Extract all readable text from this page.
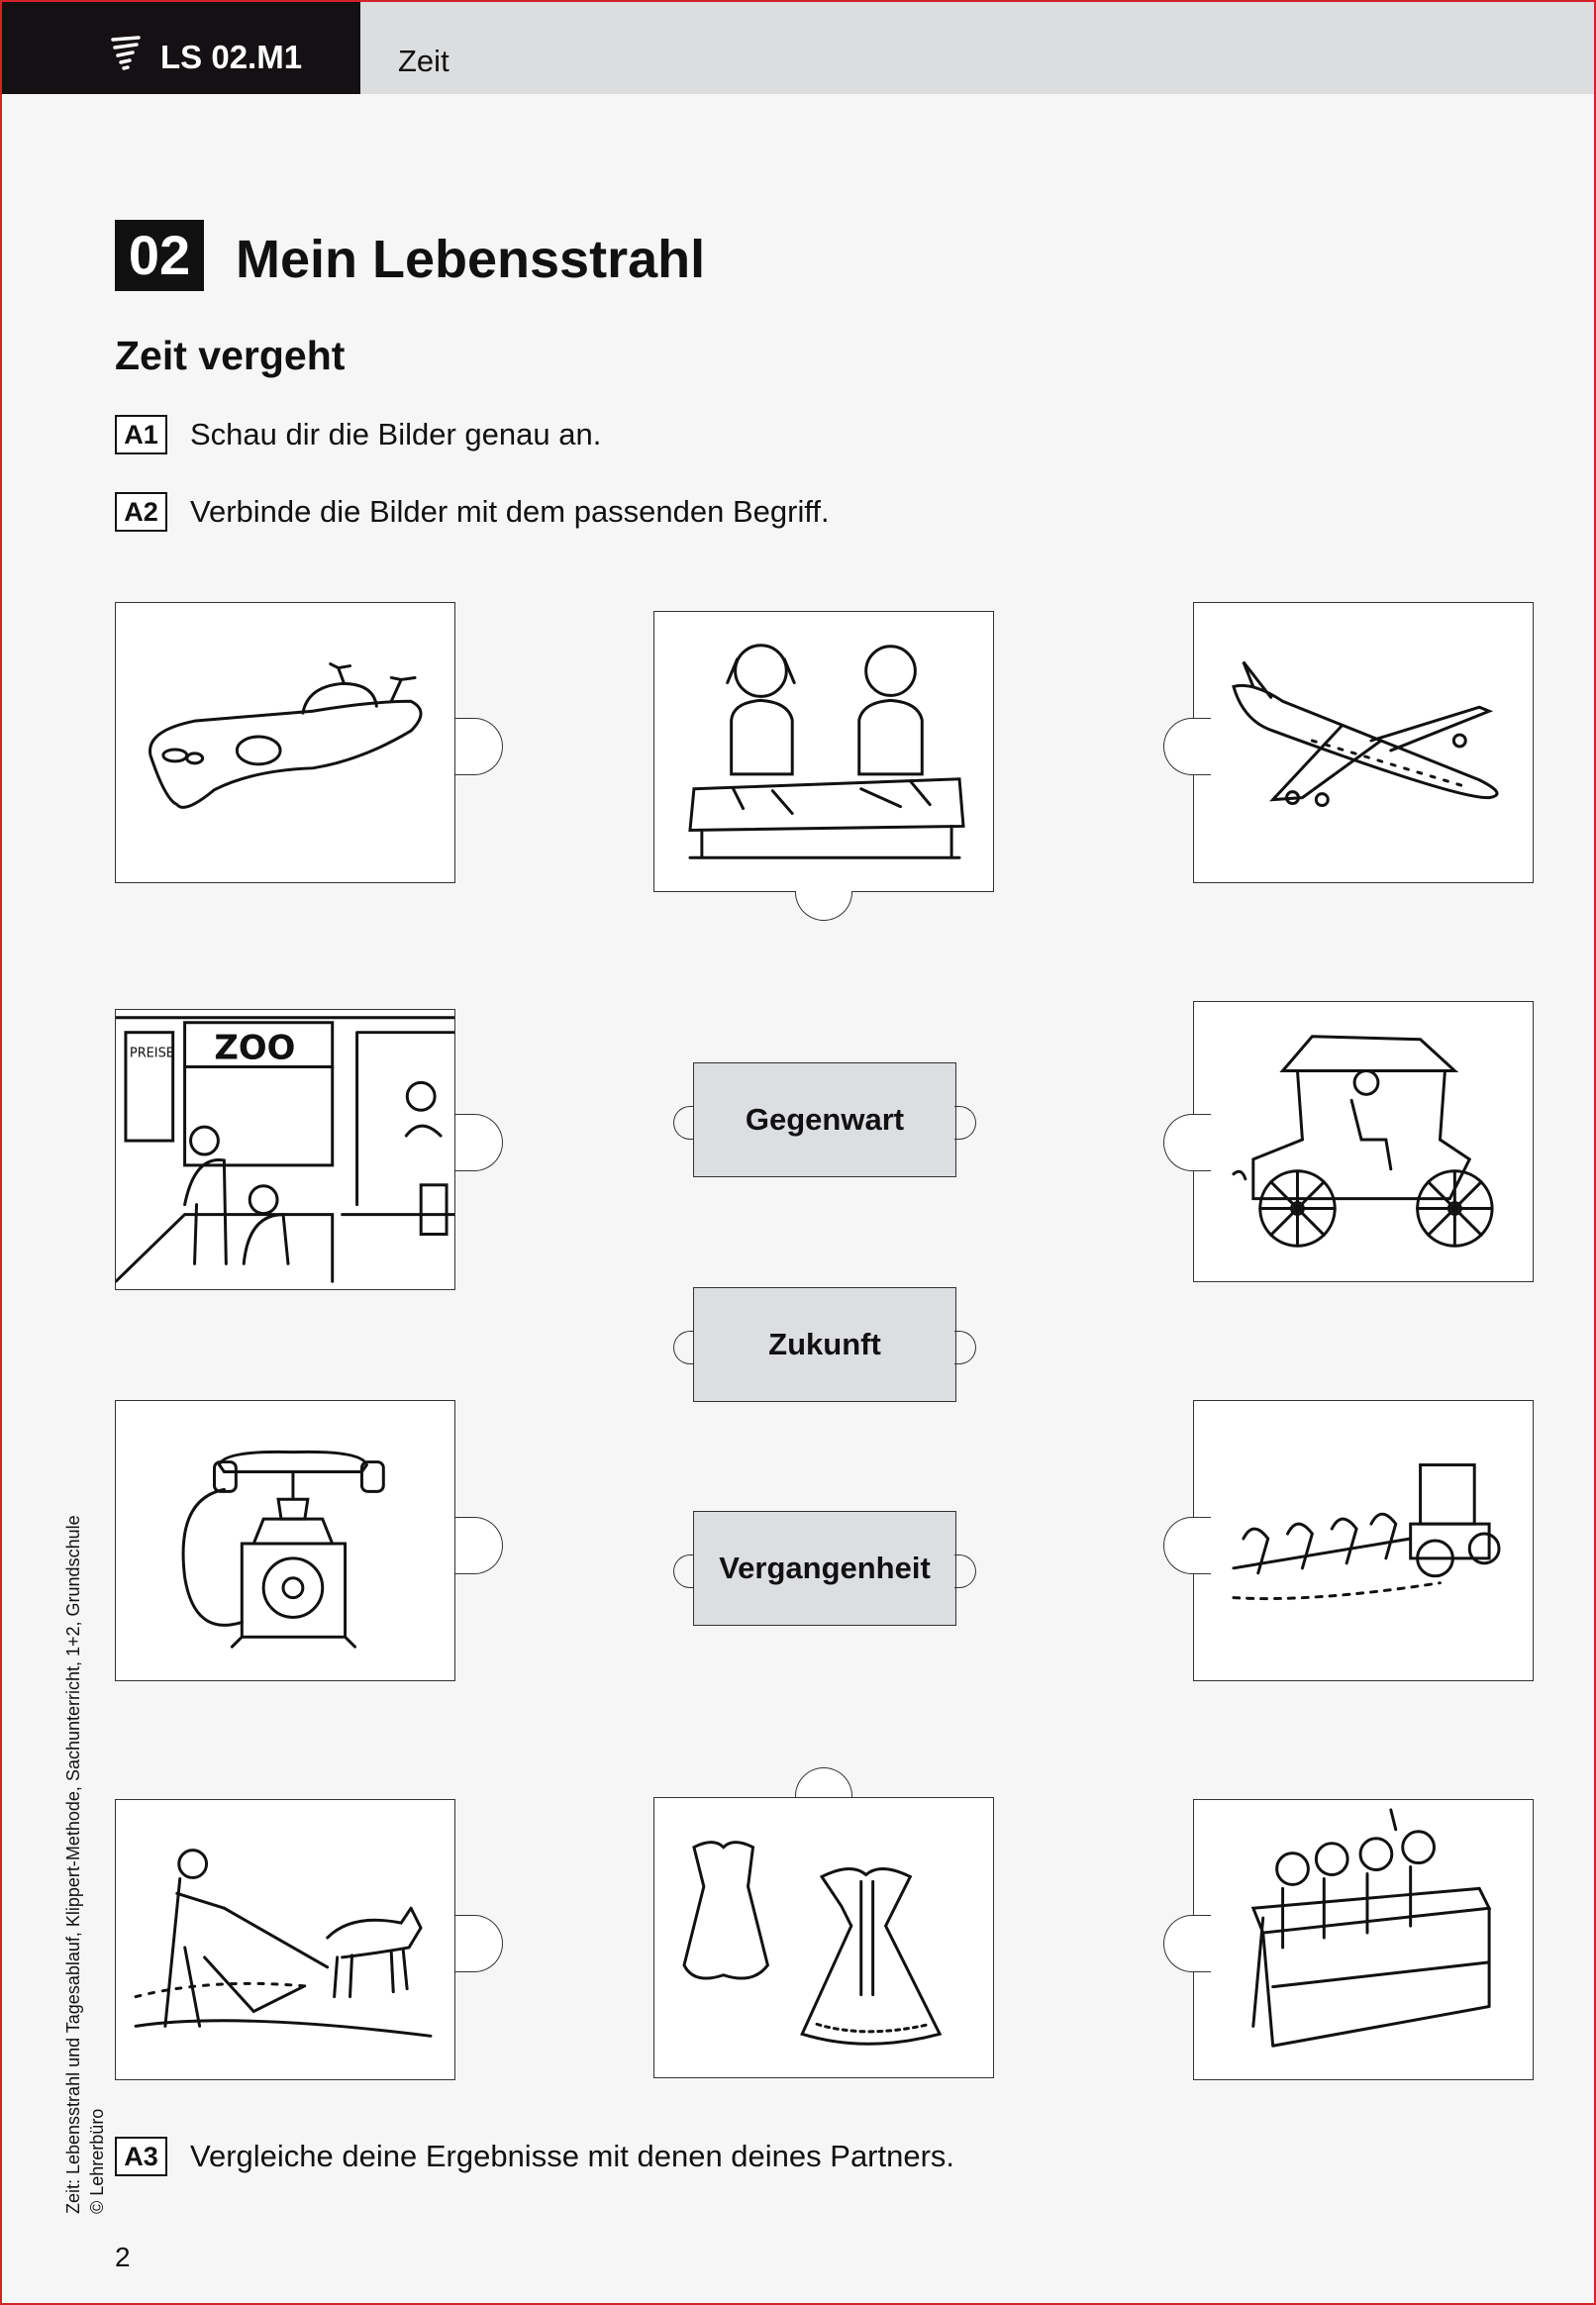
LS 02.M1	Zeit
02 Mein Lebensstrahl
Zeit vergeht
A1 Schau dir die Bilder genau an.
A2 Verbinde die Bilder mit dem passenden Begriff.
A3 Vergleiche deine Ergebnisse mit denen deines Partners.
PREISE ZOO
Gegenwart
Zukunft
Vergangenheit
Zeit: Lebensstrahl und Tagesablauf, Klippert-Methode, Sachunterricht, 1+2, Grundschule © Lehrerbüro
2
